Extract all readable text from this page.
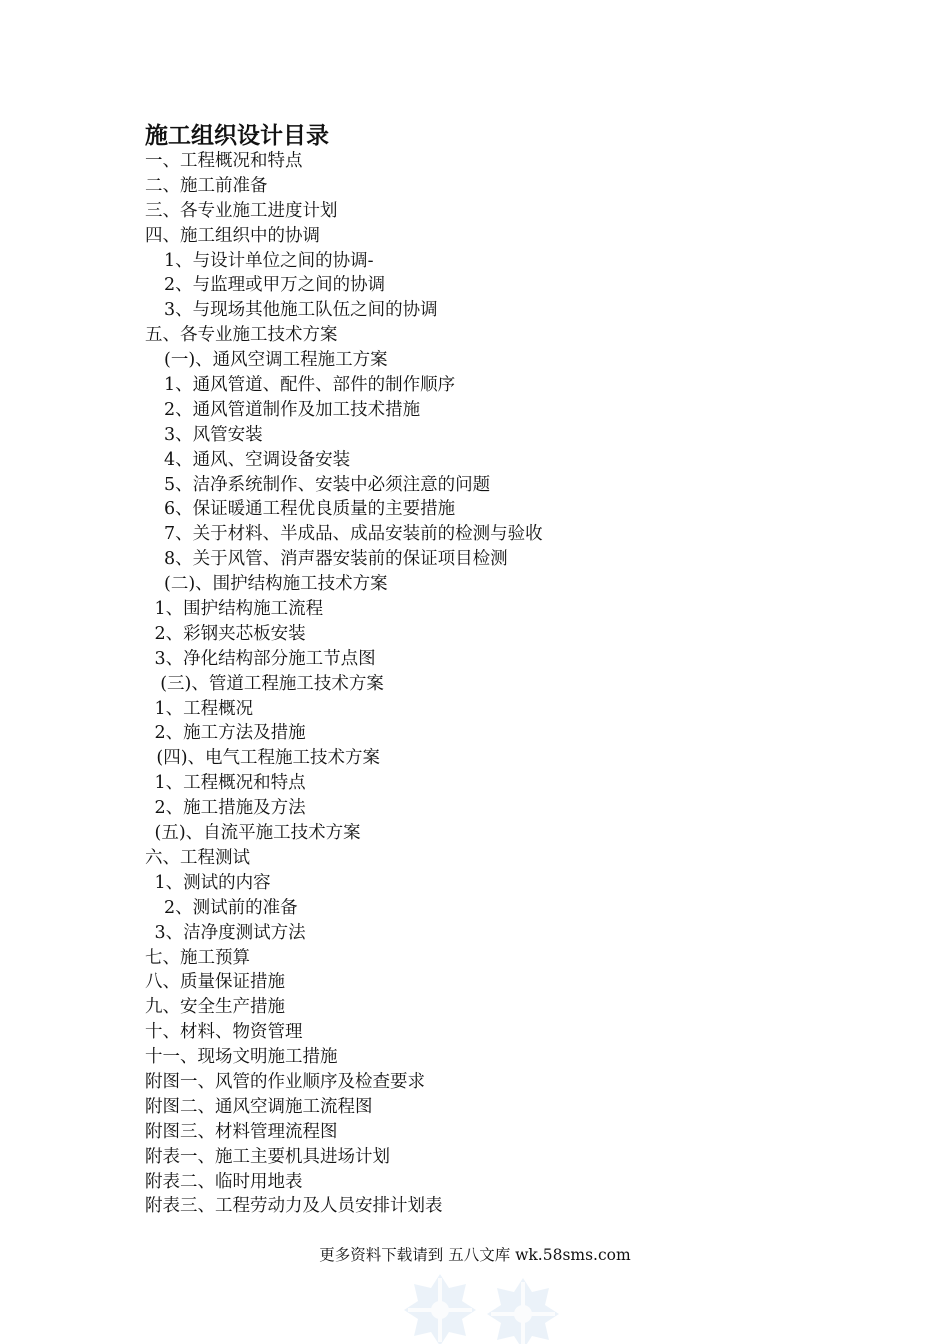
施工组织设计目录
一、工程概况和特点
二、施工前准备
三、各专业施工进度计划
四、施工组织中的协调
1、与设计单位之间的协调-
2、与监理或甲万之间的协调
3、与现场其他施工队伍之间的协调
五、各专业施工技术方案
(一)、通风空调工程施工方案
1、通风管道、配件、部件的制作顺序
2、通风管道制作及加工技术措施
3、风管安装
4、通风、空调设备安装
5、洁净系统制作、安装中必须注意的问题
6、保证暖通工程优良质量的主要措施
7、关于材料、半成品、成品安装前的检测与验收
8、关于风管、消声器安装前的保证项目检测
(二)、围护结构施工技术方案
1、围护结构施工流程
2、彩钢夹芯板安装
3、净化结构部分施工节点图
(三)、管道工程施工技术方案
1、工程概况
2、施工方法及措施
(四)、电气工程施工技术方案
1、工程概况和特点
2、施工措施及方法
(五)、自流平施工技术方案
六、工程测试
1、测试的内容
2、测试前的准备
3、洁净度测试方法
七、施工预算
八、质量保证措施
九、安全生产措施
十、材料、物资管理
十一、现场文明施工措施
附图一、风管的作业顺序及检查要求
附图二、通风空调施工流程图
附图三、材料管理流程图
附表一、施工主要机具进场计划
附表二、临时用地表
附表三、工程劳动力及人员安排计划表
更多资料下载请到 五八文库 wk.58sms.com
